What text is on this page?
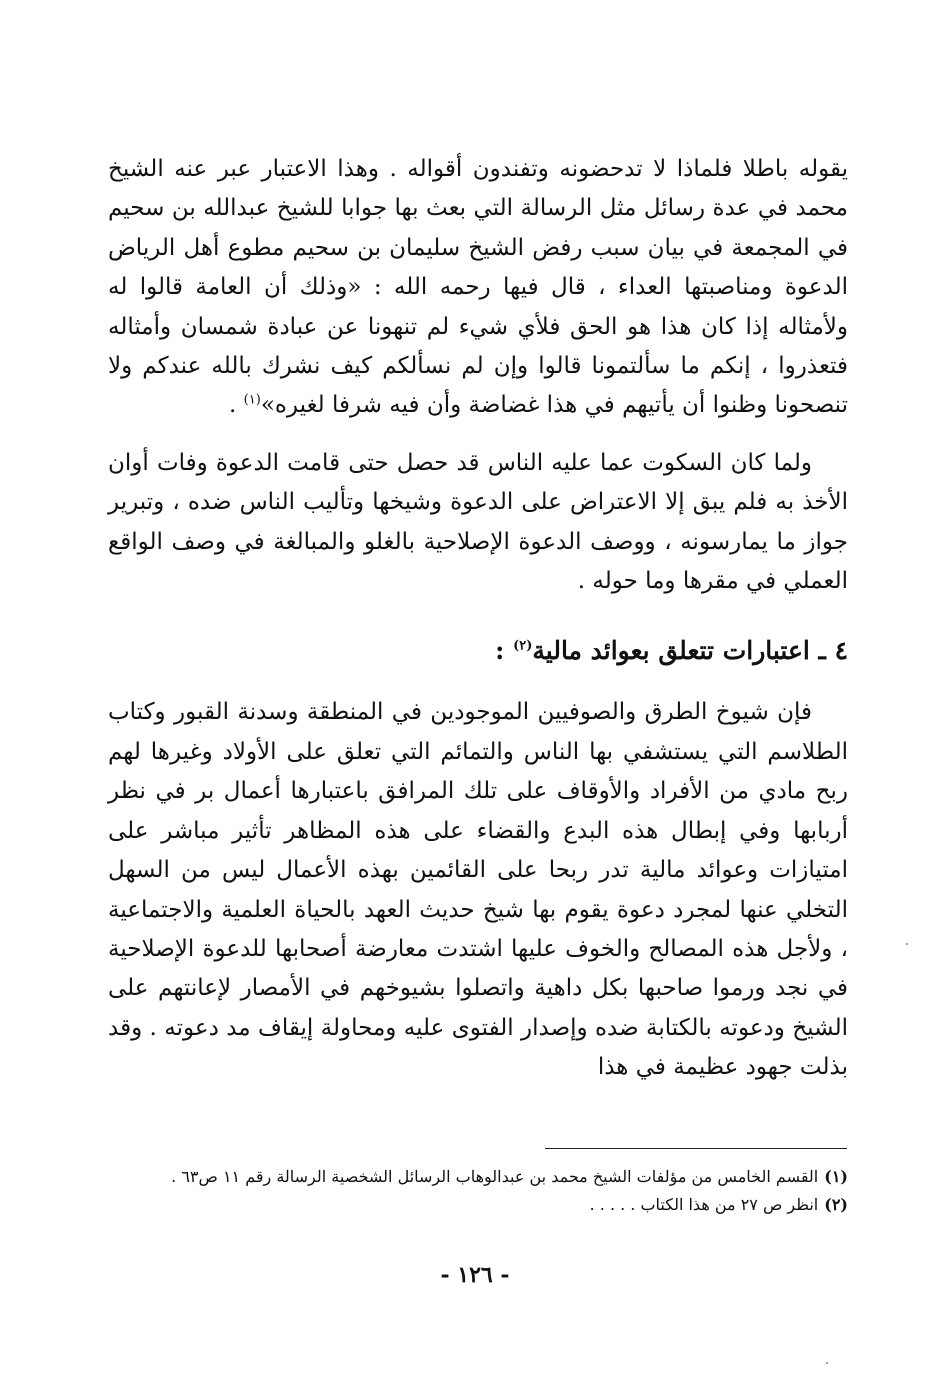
يقوله باطلا فلماذا لا تدحضونه وتفندون أقواله . وهذا الاعتبار عبر عنه الشيخ محمد في عدة رسائل مثل الرسالة التي بعث بها جوابا للشيخ عبدالله بن سحيم في المجمعة في بيان سبب رفض الشيخ سليمان بن سحيم مطوع أهل الرياض الدعوة ومناصبتها العداء ، قال فيها رحمه الله : «وذلك أن العامة قالوا له ولأمثاله إذا كان هذا هو الحق فلأي شيء لم تنهونا عن عبادة شمسان وأمثاله فتعذروا ، إنكم ما سألتمونا قالوا وإن لم نسألكم كيف نشرك بالله عندكم ولا تنصحونا وظنوا أن يأتيهم في هذا غضاضة وأن فيه شرفا لغيره»$^{(١)}$ .

ولما كان السكوت عما عليه الناس قد حصل حتى قامت الدعوة وفات أوان الأخذ به فلم يبق إلا الاعتراض على الدعوة وشيخها وتأليب الناس ضده ، وتبرير جواز ما يمارسونه ، ووصف الدعوة الإصلاحية بالغلو والمبالغة في وصف الواقع العملي في مقرها وما حوله .

٤ ـ اعتبارات تتعلق بعوائد مالية$^{(٢)}$ :

فإن شيوخ الطرق والصوفيين الموجودين في المنطقة وسدنة القبور وكتاب الطلاسم التي يستشفي بها الناس والتمائم التي تعلق على الأولاد وغيرها لهم ربح مادي من الأفراد والأوقاف على تلك المرافق باعتبارها أعمال بر في نظر أربابها وفي إبطال هذه البدع والقضاء على هذه المظاهر تأثير مباشر على امتيازات وعوائد مالية تدر ربحا على القائمين بهذه الأعمال ليس من السهل التخلي عنها لمجرد دعوة يقوم بها شيخ حديث العهد بالحياة العلمية والاجتماعية ، ولأجل هذه المصالح والخوف عليها اشتدت معارضة أصحابها للدعوة الإصلاحية في نجد ورموا صاحبها بكل داهية واتصلوا بشيوخهم في الأمصار لإعانتهم على الشيخ ودعوته بالكتابة ضده وإصدار الفتوى عليه ومحاولة إيقاف مد دعوته . وقد بذلت جهود عظيمة في هذا

(١)القسم الخامس من مؤلفات الشيخ محمد بن عبدالوهاب الرسائل الشخصية الرسالة رقم ١١ ص٦٣ .

(٢)انظر ص ٢٧ من هذا الكتاب . . . . .

- ١٢٦ -
